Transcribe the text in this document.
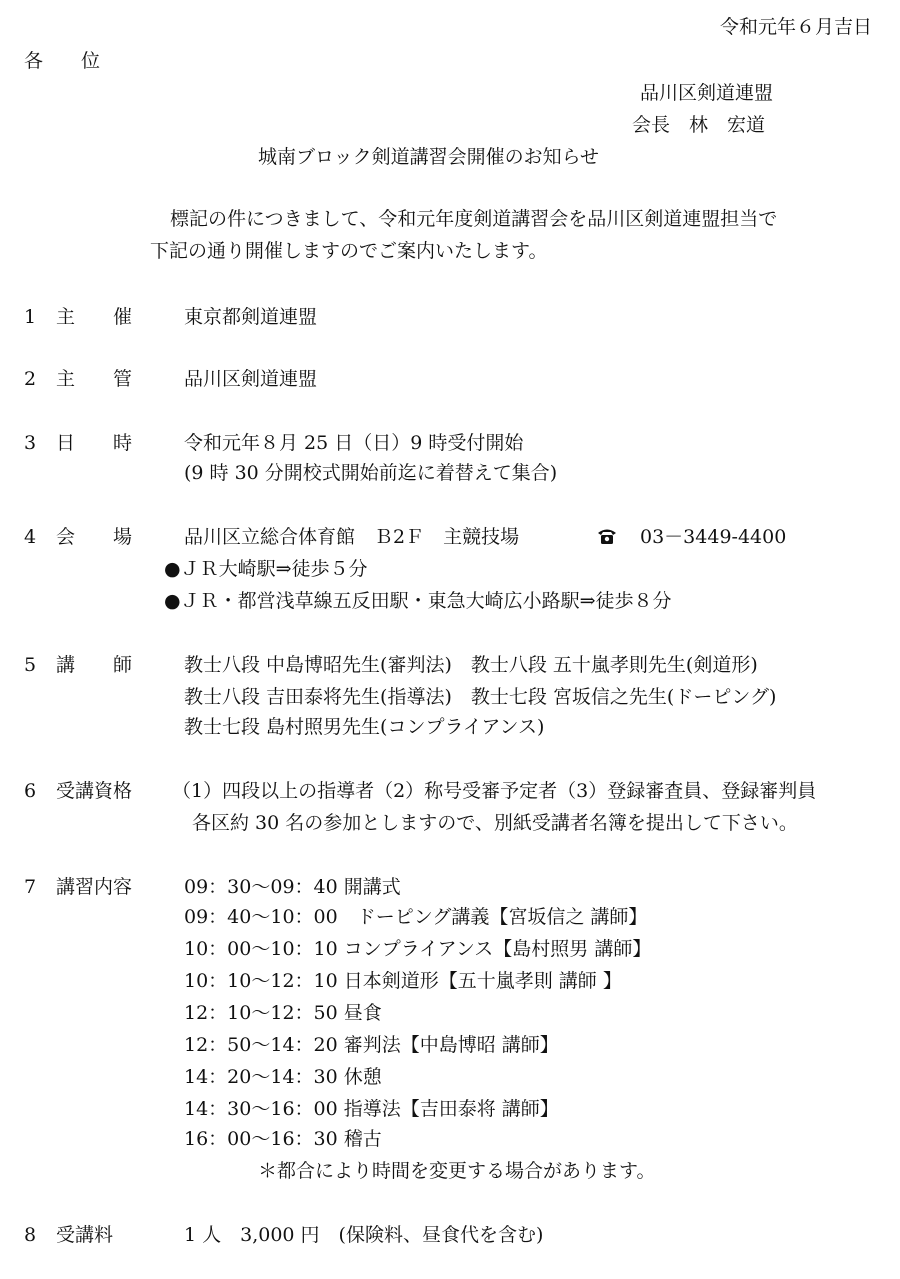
令和元年６月吉日
各　　位
品川区剣道連盟
会長　林　宏道
城南ブロック剣道講習会開催のお知らせ
標記の件につきまして、令和元年度剣道講習会を品川区剣道連盟担当で
下記の通り開催しますのでご案内いたします。
1 主　　催	東京都剣道連盟
2 主　　管	品川区剣道連盟
3 日　　時	令和元年８月 25 日（日）9 時受付開始
(9 時 30 分開校式開始前迄に着替えて集合)
4 会　　場	品川区立総合体育館　Ｂ2Ｆ　主競技場	03－3449-4400
●ＪＲ大崎駅⇒徒歩５分
●ＪＲ・都営浅草線五反田駅・東急大崎広小路駅⇒徒歩８分
5 講　　師	教士八段 中島博昭先生(審判法)　教士八段 五十嵐孝則先生(剣道形)
教士八段 吉田泰将先生(指導法)　教士七段 宮坂信之先生(ドーピング)
教士七段 島村照男先生(コンプライアンス)
6 受講資格 （1）四段以上の指導者（2）称号受審予定者（3）登録審査員、登録審判員
各区約 30 名の参加としますので、別紙受講者名簿を提出して下さい。
7 講習内容	09：30～09：40 開講式
09：40～10：00　ドーピング講義【宮坂信之 講師】
10：00～10：10 コンプライアンス【島村照男 講師】
10：10～12：10 日本剣道形【五十嵐孝則 講師 】
12：10～12：50 昼食
12：50～14：20 審判法【中島博昭 講師】
14：20～14：30 休憩
14：30～16：00 指導法【吉田泰将 講師】
16：00～16：30 稽古
＊都合により時間を変更する場合があります。
8 受講料	1 人　3,000 円　(保険料、昼食代を含む)
